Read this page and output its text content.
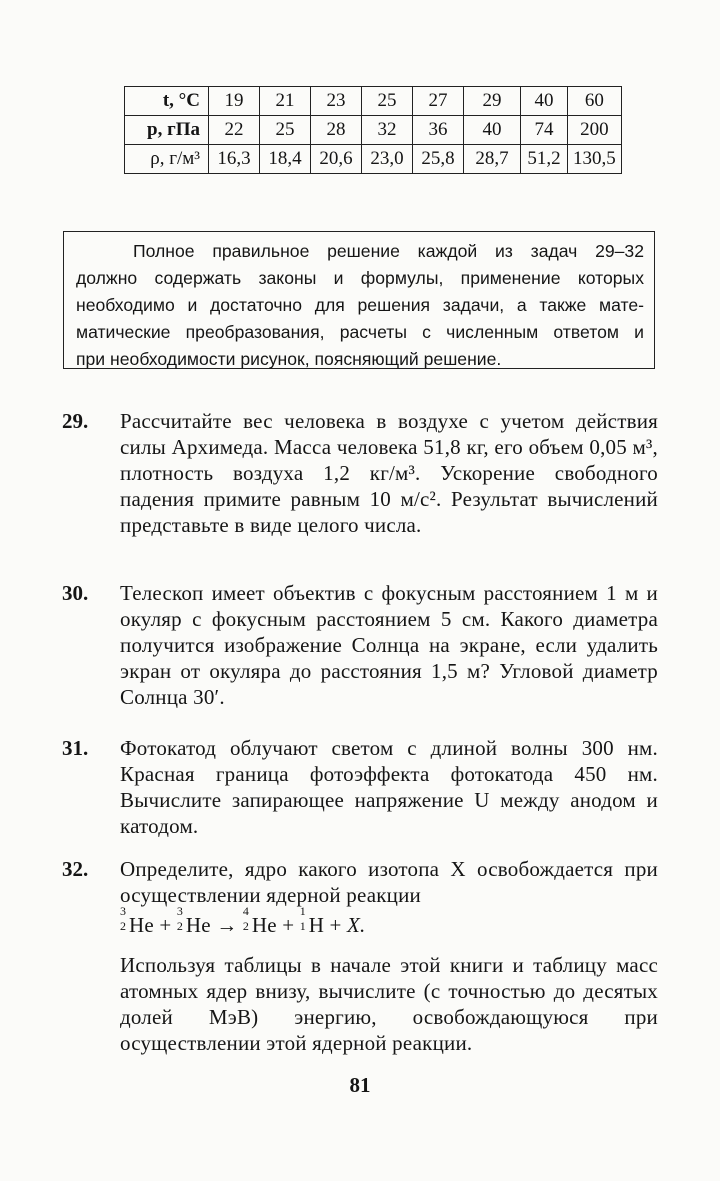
t, °C	19	21	23	25	27	29	40	60
p, гПа	22	25	28	32	36	40	74	200
ρ, г/м³	16,3	18,4	20,6	23,0	25,8	28,7	51,2	130,5
Полное правильное решение каждой из задач 29–32
должно содержать законы и формулы, применение которых
необходимо и достаточно для решения задачи, а также мате-
матические преобразования, расчеты с численным ответом и
при необходимости рисунок, поясняющий решение.
29. Рассчитайте вес человека в воздухе с учетом действия силы Архимеда. Масса человека 51,8 кг, его объем 0,05 м³, плотность воздуха 1,2 кг/м³. Ускорение свободного падения примите равным 10 м/с². Результат вычислений представьте в виде целого числа.

30. Телескоп имеет объектив с фокусным расстоянием 1 м и окуляр с фокусным расстоянием 5 см. Какого диаметра получится изображение Солнца на экране, если удалить экран от окуляра до расстояния 1,5 м? Угловой диаметр Солнца 30′.

31. Фотокатод облучают светом с длиной волны 300 нм. Красная граница фотоэффекта фотокатода 450 нм. Вычислите запирающее напряжение U между анодом и катодом.

32. Определите, ядро какого изотопа X освобождается при осуществлении ядерной реакции

3
2 He +
3
2 He →
4
2 He +
1
1 H + X.

Используя таблицы в начале этой книги и таблицу масс атомных ядер внизу, вычислите (с точностью до десятых долей МэВ) энергию, освобождающуюся при осуществлении этой ядерной реакции.

81
